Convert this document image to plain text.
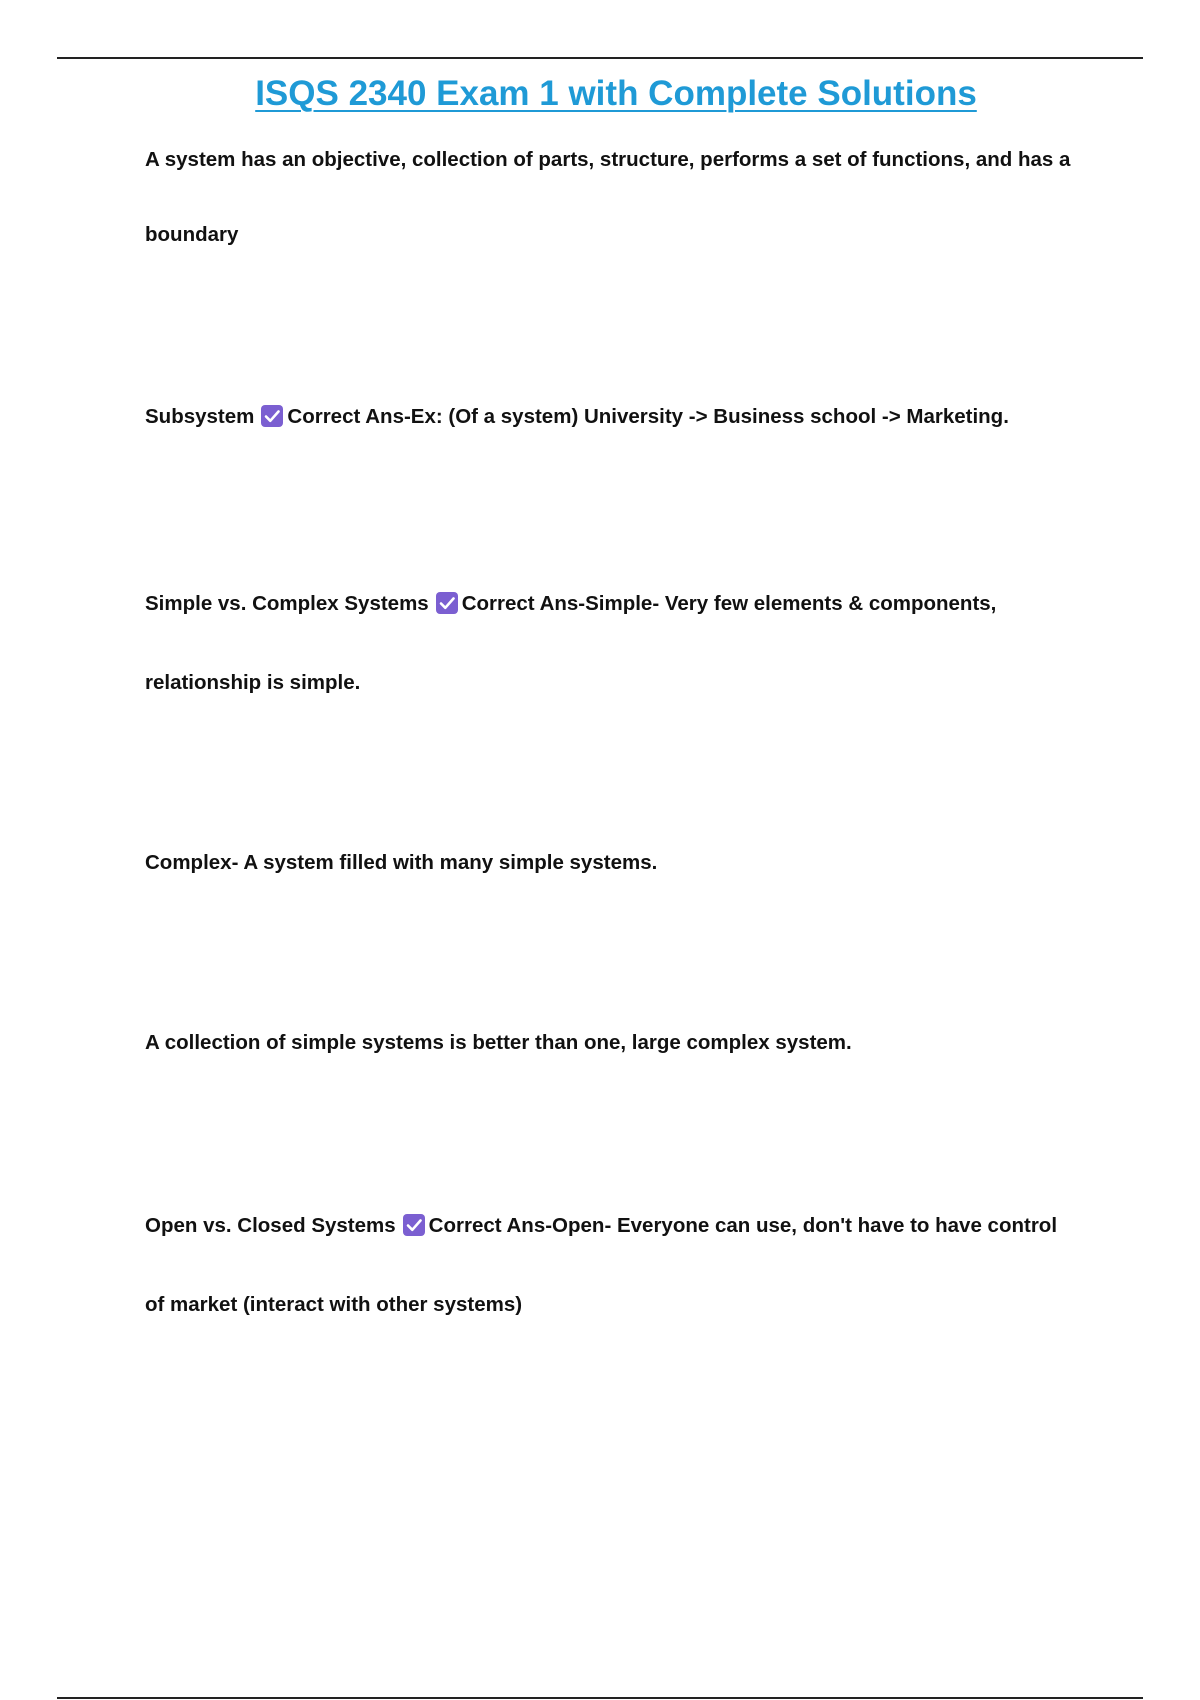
ISQS 2340 Exam 1 with Complete Solutions

A system has an objective, collection of parts, structure, performs a set of functions, and has a

boundary

Subsystem Correct Ans-Ex: (Of a system) University -> Business school -> Marketing.

Simple vs. Complex Systems Correct Ans-Simple- Very few elements & components,

relationship is simple.

Complex- A system filled with many simple systems.

A collection of simple systems is better than one, large complex system.

Open vs. Closed Systems Correct Ans-Open- Everyone can use, don't have to have control

of market (interact with other systems)
